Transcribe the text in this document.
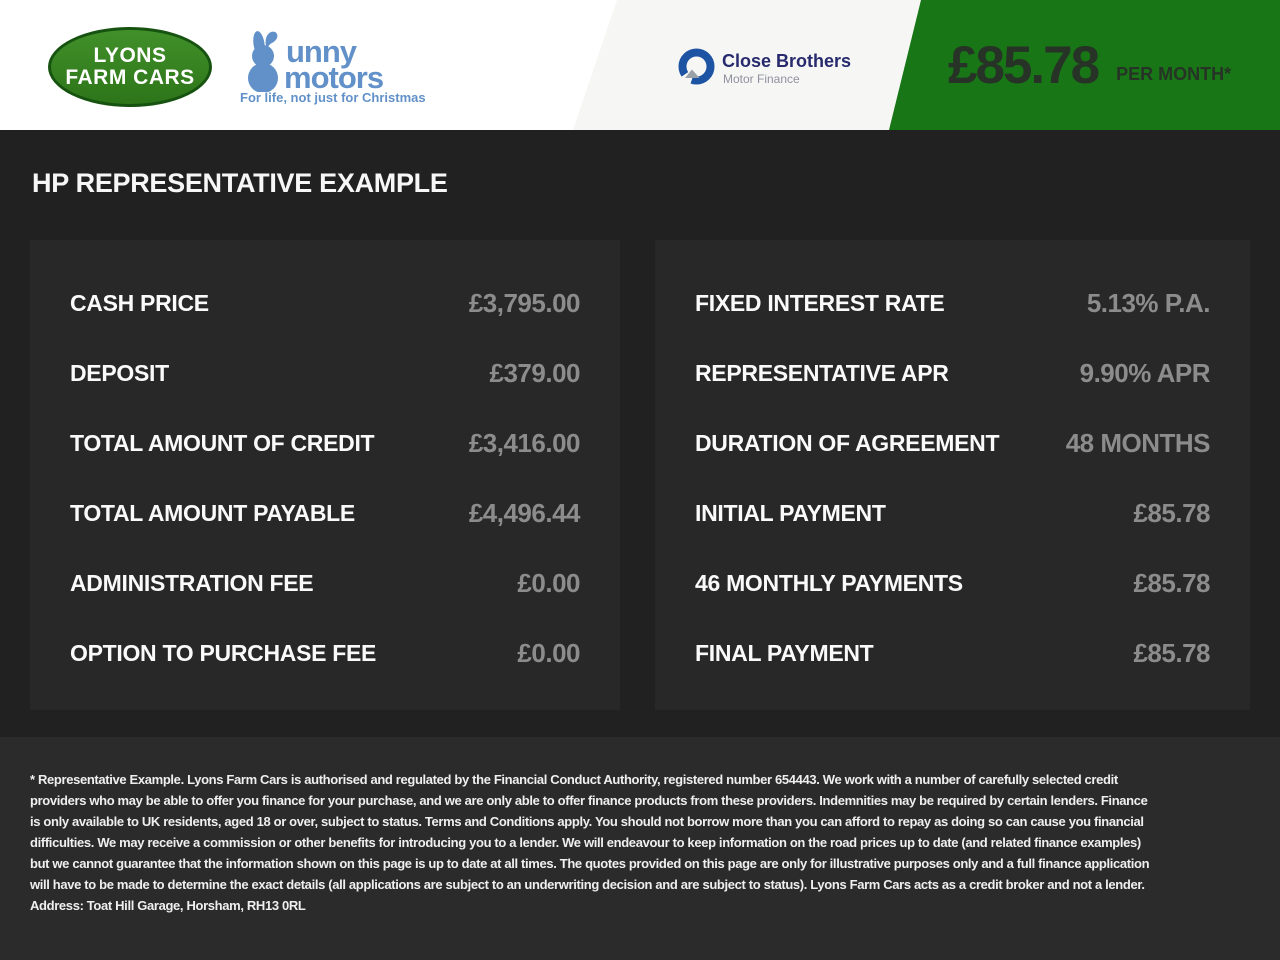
LYONS
FARM CARS
unny
motors
For life, not just for Christmas
Close Brothers
Motor Finance	£85.78 PER MONTH*
HP REPRESENTATIVE EXAMPLE
CASH PRICE	£3,795.00
DEPOSIT	£379.00
TOTAL AMOUNT OF CREDIT	£3,416.00
TOTAL AMOUNT PAYABLE	£4,496.44
ADMINISTRATION FEE	£0.00
OPTION TO PURCHASE FEE	£0.00
FIXED INTEREST RATE	5.13% P.A.
REPRESENTATIVE APR	9.90% APR
DURATION OF AGREEMENT	48 MONTHS
INITIAL PAYMENT	£85.78
46 MONTHLY PAYMENTS	£85.78
FINAL PAYMENT	£85.78

* Representative Example. Lyons Farm Cars is authorised and regulated by the Financial Conduct Authority, registered number 654443. We work with a number of carefully selected credit providers who may be able to offer you finance for your purchase, and we are only able to offer finance products from these providers. Indemnities may be required by certain lenders. Finance is only available to UK residents, aged 18 or over, subject to status. Terms and Conditions apply. You should not borrow more than you can afford to repay as doing so can cause you financial difficulties. We may receive a commission or other benefits for introducing you to a lender. We will endeavour to keep information on the road prices up to date (and related finance examples) but we cannot guarantee that the information shown on this page is up to date at all times. The quotes provided on this page are only for illustrative purposes only and a full finance application will have to be made to determine the exact details (all applications are subject to an underwriting decision and are subject to status). Lyons Farm Cars acts as a credit broker and not a lender. Address: Toat Hill Garage, Horsham, RH13 0RL
